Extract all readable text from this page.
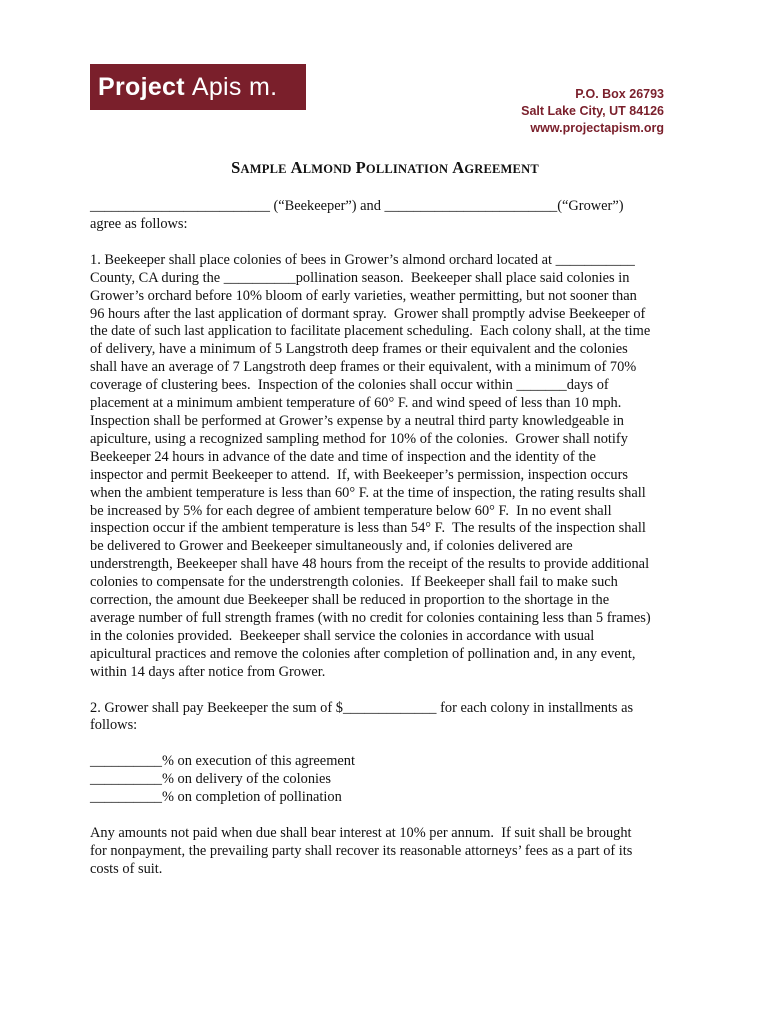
Project Apis m.	P.O. Box 26793
Salt Lake City, UT 84126
www.projectapism.org
SAMPLE ALMOND POLLINATION AGREEMENT

_________________________ (“Beekeeper”) and ________________________(“Grower”)
agree as follows:

1. Beekeeper shall place colonies of bees in Grower’s almond orchard located at ___________
County, CA during the __________pollination season.  Beekeeper shall place said colonies in
Grower’s orchard before 10% bloom of early varieties, weather permitting, but not sooner than
96 hours after the last application of dormant spray.  Grower shall promptly advise Beekeeper of
the date of such last application to facilitate placement scheduling.  Each colony shall, at the time
of delivery, have a minimum of 5 Langstroth deep frames or their equivalent and the colonies
shall have an average of 7 Langstroth deep frames or their equivalent, with a minimum of 70%
coverage of clustering bees.  Inspection of the colonies shall occur within _______days of
placement at a minimum ambient temperature of 60° F. and wind speed of less than 10 mph.
Inspection shall be performed at Grower’s expense by a neutral third party knowledgeable in
apiculture, using a recognized sampling method for 10% of the colonies.  Grower shall notify
Beekeeper 24 hours in advance of the date and time of inspection and the identity of the
inspector and permit Beekeeper to attend.  If, with Beekeeper’s permission, inspection occurs
when the ambient temperature is less than 60° F. at the time of inspection, the rating results shall
be increased by 5% for each degree of ambient temperature below 60° F.  In no event shall
inspection occur if the ambient temperature is less than 54° F.  The results of the inspection shall
be delivered to Grower and Beekeeper simultaneously and, if colonies delivered are
understrength, Beekeeper shall have 48 hours from the receipt of the results to provide additional
colonies to compensate for the understrength colonies.  If Beekeeper shall fail to make such
correction, the amount due Beekeeper shall be reduced in proportion to the shortage in the
average number of full strength frames (with no credit for colonies containing less than 5 frames)
in the colonies provided.  Beekeeper shall service the colonies in accordance with usual
apicultural practices and remove the colonies after completion of pollination and, in any event,
within 14 days after notice from Grower.

2. Grower shall pay Beekeeper the sum of $_____________ for each colony in installments as
follows:

__________% on execution of this agreement
__________% on delivery of the colonies
__________% on completion of pollination

Any amounts not paid when due shall bear interest at 10% per annum.  If suit shall be brought
for nonpayment, the prevailing party shall recover its reasonable attorneys’ fees as a part of its
costs of suit.
